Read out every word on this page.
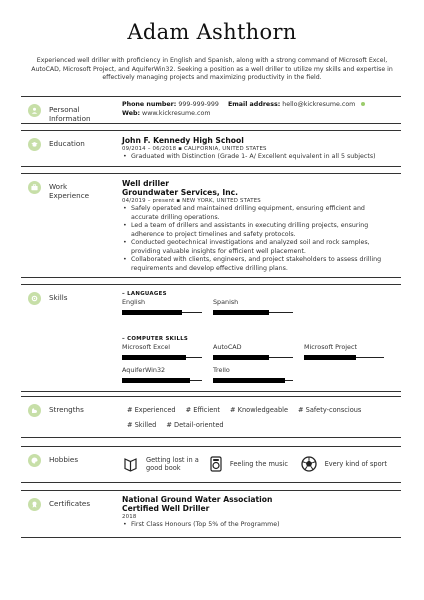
Adam Ashthorn
Experienced well driller with proficiency in English and Spanish, along with a strong command of Microsoft Excel, AutoCAD, Microsoft Project, and AquiferWin32. Seeking a position as a well driller to utilize my skills and expertise in effectively managing projects and maximizing productivity in the field.
Personal Information
Phone number: 999-999-999 Email address: hello@kickresume.com
Web: www.kickresume.com
Education	John F. Kennedy High School
09/2014 – 06/2018 ▪ CALIFORNIA, UNITED STATES
• Graduated with Distinction (Grade 1- A/ Excellent equivalent in all 5 subjects)
Work Experience
Well driller
Groundwater Services, Inc.
04/2019 – present ▪ NEW YORK, UNITED STATES
• Safely operated and maintained drilling equipment, ensuring efficient and accurate drilling operations.
• Led a team of drillers and assistants in executing drilling projects, ensuring adherence to project timelines and safety protocols.
• Conducted geotechnical investigations and analyzed soil and rock samples, providing valuable insights for efficient well placement.
• Collaborated with clients, engineers, and project stakeholders to assess drilling requirements and develop effective drilling plans.
Skills	– LANGUAGES
English	Spanish
– COMPUTER SKILLS
Microsoft Excel	AutoCAD	Microsoft Project
AquiferWin32	Trello
Strengths	# Experienced # Efficient # Knowledgeable # Safety-conscious
# Skilled # Detail-oriented
Hobbies	Getting lost in a good book
Feeling the music	Every kind of sport
Certificates	National Ground Water Association
Certified Well Driller
2018
• First Class Honours (Top 5% of the Programme)
